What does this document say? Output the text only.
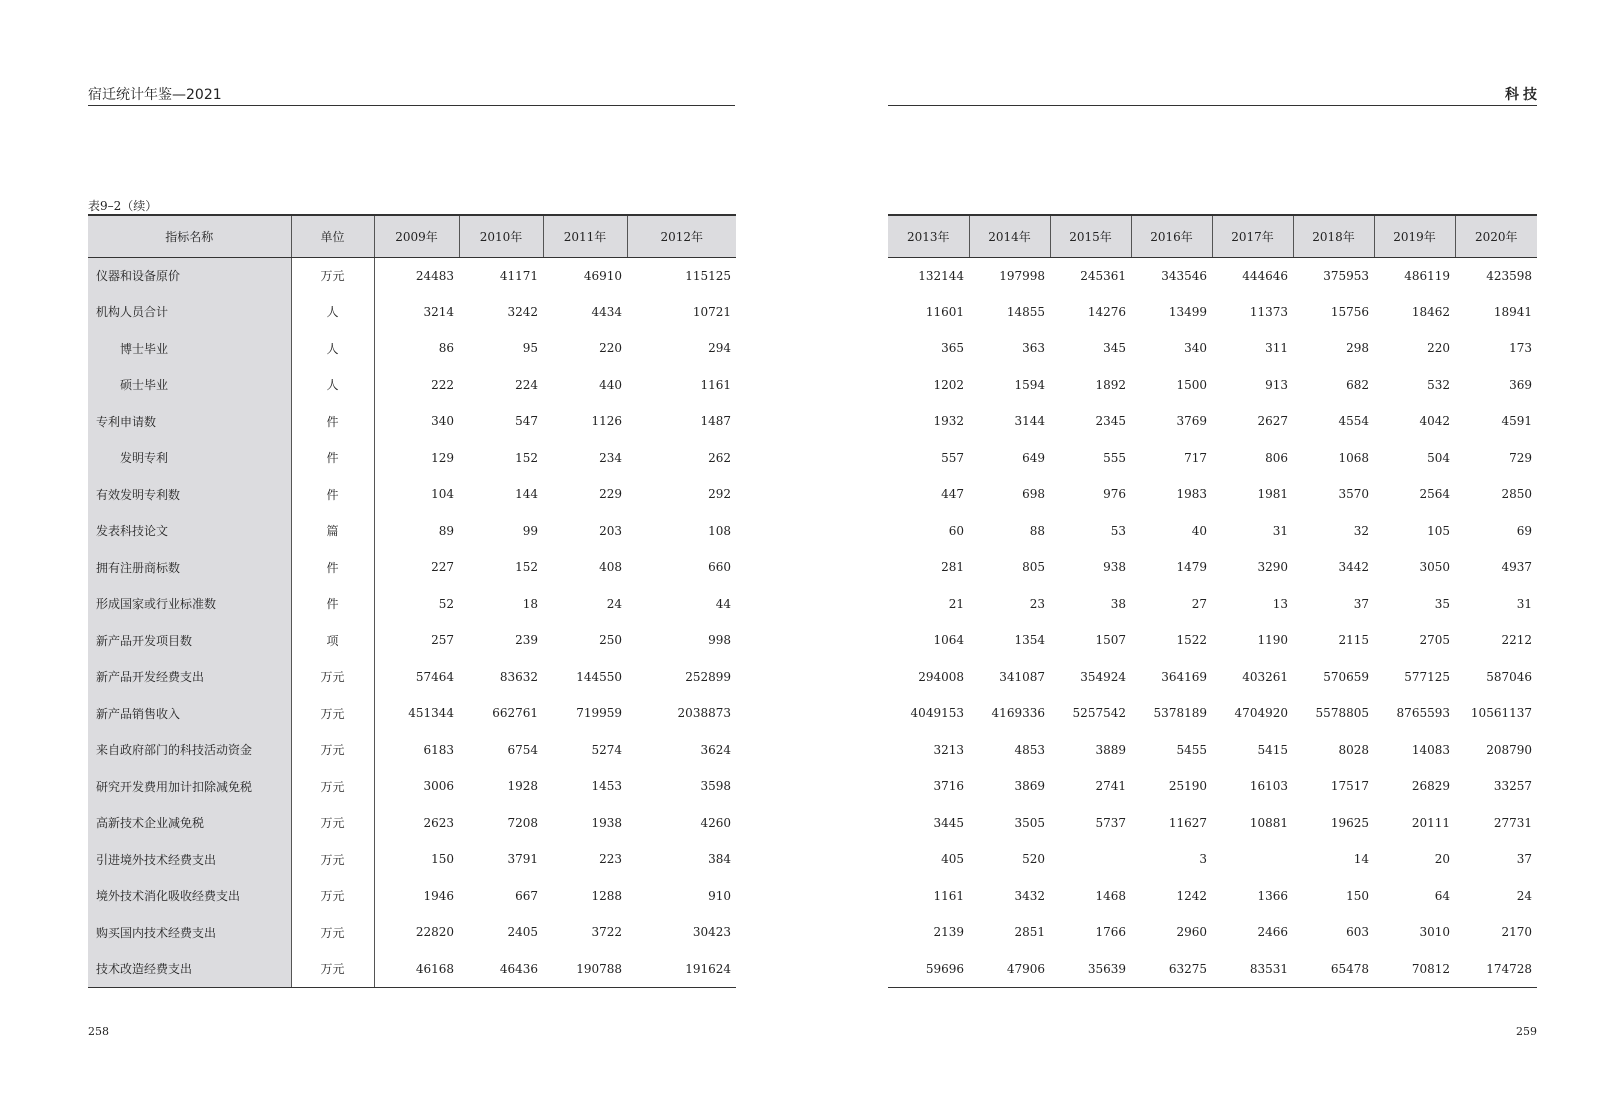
宿迁统计年鉴—2021	科技
表9–2（续）
指标名称	单位	2009年	2010年	2011年	2012年
仪器和设备原价	万元	24483	41171	46910	115125
机构人员合计	人	3214	3242	4434	10721
博士毕业	人	86	95	220	294
硕士毕业	人	222	224	440	1161
专利申请数	件	340	547	1126	1487
发明专利	件	129	152	234	262
有效发明专利数	件	104	144	229	292
发表科技论文	篇	89	99	203	108
拥有注册商标数	件	227	152	408	660
形成国家或行业标准数	件	52	18	24	44
新产品开发项目数	项	257	239	250	998
新产品开发经费支出	万元	57464	83632	144550	252899
新产品销售收入	万元	451344	662761	719959	2038873
来自政府部门的科技活动资金	万元	6183	6754	5274	3624
研究开发费用加计扣除减免税	万元	3006	1928	1453	3598
高新技术企业减免税	万元	2623	7208	1938	4260
引进境外技术经费支出	万元	150	3791	223	384
境外技术消化吸收经费支出	万元	1946	667	1288	910
购买国内技术经费支出	万元	22820	2405	3722	30423
技术改造经费支出	万元	46168	46436	190788	191624
2013年	2014年	2015年	2016年	2017年	2018年	2019年	2020年
132144	197998	245361	343546	444646	375953	486119	423598
11601	14855	14276	13499	11373	15756	18462	18941
365	363	345	340	311	298	220	173
1202	1594	1892	1500	913	682	532	369
1932	3144	2345	3769	2627	4554	4042	4591
557	649	555	717	806	1068	504	729
447	698	976	1983	1981	3570	2564	2850
60	88	53	40	31	32	105	69
281	805	938	1479	3290	3442	3050	4937
21	23	38	27	13	37	35	31
1064	1354	1507	1522	1190	2115	2705	2212
294008	341087	354924	364169	403261	570659	577125	587046
4049153	4169336	5257542	5378189	4704920	5578805	8765593	10561137
3213	4853	3889	5455	5415	8028	14083	208790
3716	3869	2741	25190	16103	17517	26829	33257
3445	3505	5737	11627	10881	19625	20111	27731
405	520		3		14	20	37
1161	3432	1468	1242	1366	150	64	24
2139	2851	1766	2960	2466	603	3010	2170
59696	47906	35639	63275	83531	65478	70812	174728
258	259
